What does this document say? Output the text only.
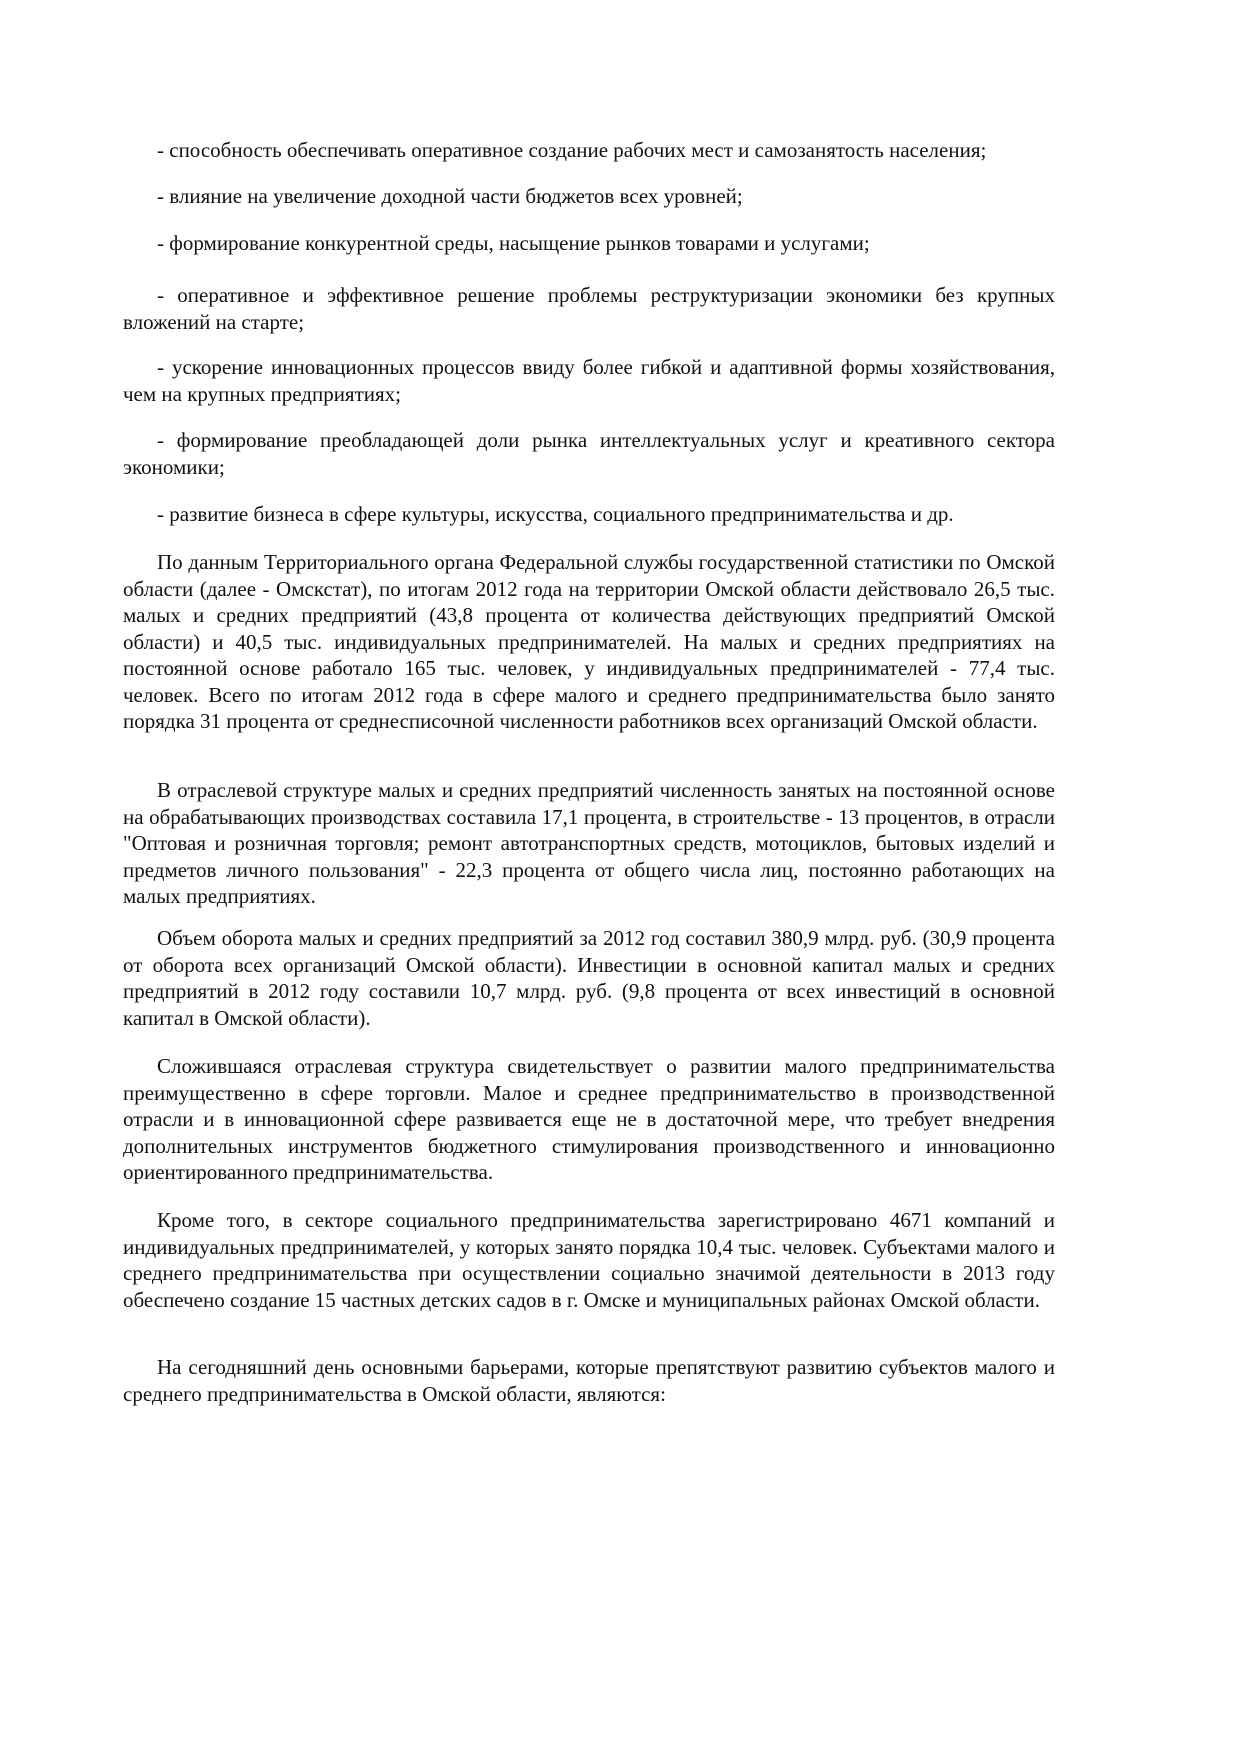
- способность обеспечивать оперативное создание рабочих мест и самозанятость населения;

- влияние на увеличение доходной части бюджетов всех уровней;

- формирование конкурентной среды, насыщение рынков товарами и услугами;

- оперативное и эффективное решение проблемы реструктуризации экономики без крупных вложений на старте;

- ускорение инновационных процессов ввиду более гибкой и адаптивной формы хозяйствования, чем на крупных предприятиях;

- формирование преобладающей доли рынка интеллектуальных услуг и креативного сектора экономики;

- развитие бизнеса в сфере культуры, искусства, социального предпринимательства и др.

По данным Территориального органа Федеральной службы государственной статистики по Омской области (далее - Омскстат), по итогам 2012 года на территории Омской области действовало 26,5 тыс. малых и средних предприятий (43,8 процента от количества действующих предприятий Омской области) и 40,5 тыс. индивидуальных предпринимателей. На малых и средних предприятиях на постоянной основе работало 165 тыс. человек, у индивидуальных предпринимателей - 77,4 тыс. человек. Всего по итогам 2012 года в сфере малого и среднего предпринимательства было занято порядка 31 процента от среднесписочной численности работников всех организаций Омской области.

В отраслевой структуре малых и средних предприятий численность занятых на постоянной основе на обрабатывающих производствах составила 17,1 процента, в строительстве - 13 процентов, в отрасли "Оптовая и розничная торговля; ремонт автотранспортных средств, мотоциклов, бытовых изделий и предметов личного пользования" - 22,3 процента от общего числа лиц, постоянно работающих на малых предприятиях.

Объем оборота малых и средних предприятий за 2012 год составил 380,9 млрд. руб. (30,9 процента от оборота всех организаций Омской области). Инвестиции в основной капитал малых и средних предприятий в 2012 году составили 10,7 млрд. руб. (9,8 процента от всех инвестиций в основной капитал в Омской области).

Сложившаяся отраслевая структура свидетельствует о развитии малого предпринимательства преимущественно в сфере торговли. Малое и среднее предпринимательство в производственной отрасли и в инновационной сфере развивается еще не в достаточной мере, что требует внедрения дополнительных инструментов бюджетного стимулирования производственного и инновационно ориентированного предпринимательства.

Кроме того, в секторе социального предпринимательства зарегистрировано 4671 компаний и индивидуальных предпринимателей, у которых занято порядка 10,4 тыс. человек. Субъектами малого и среднего предпринимательства при осуществлении социально значимой деятельности в 2013 году обеспечено создание 15 частных детских садов в г. Омске и муниципальных районах Омской области.

На сегодняшний день основными барьерами, которые препятствуют развитию субъектов малого и среднего предпринимательства в Омской области, являются:
